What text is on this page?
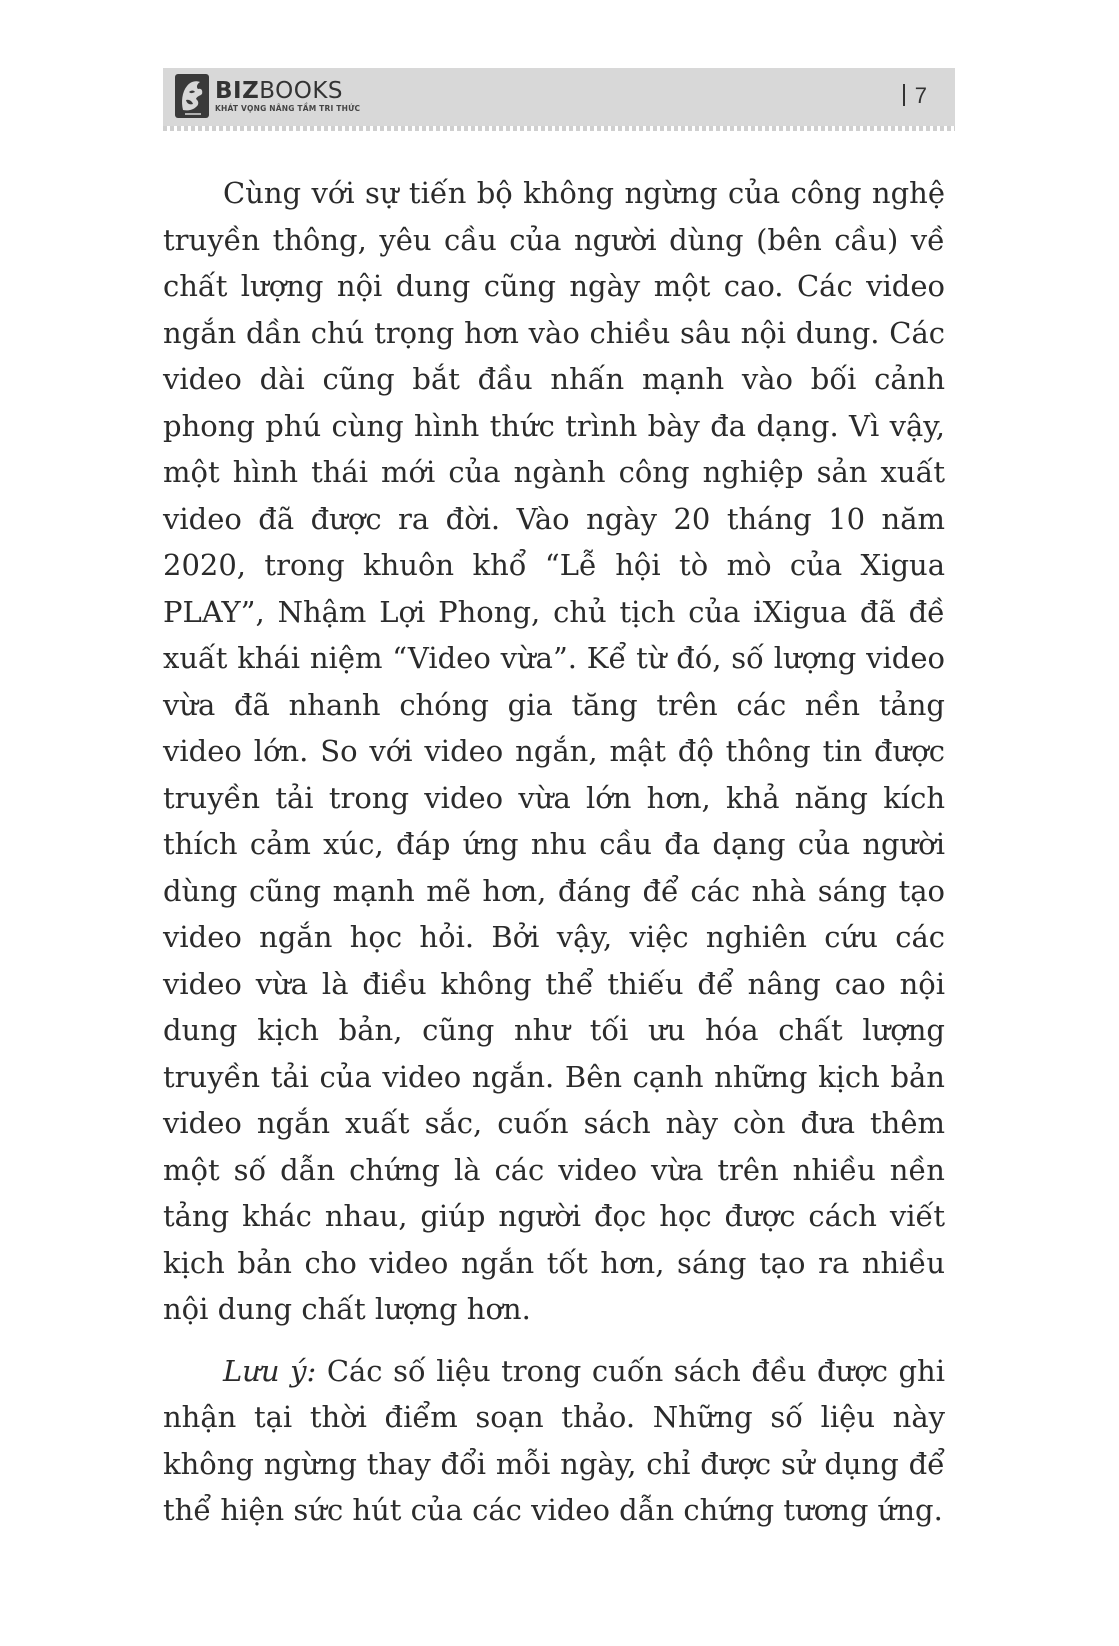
BIZBOOKS
KHÁT VỌNG NÂNG TẦM TRI THỨC
7

Cùng với sự tiến bộ không ngừng của công nghệ truyền thông, yêu cầu của người dùng (bên cầu) về chất lượng nội dung cũng ngày một cao. Các video ngắn dần chú trọng hơn vào chiều sâu nội dung. Các video dài cũng bắt đầu nhấn mạnh vào bối cảnh phong phú cùng hình thức trình bày đa dạng. Vì vậy, một hình thái mới của ngành công nghiệp sản xuất video đã được ra đời. Vào ngày 20 tháng 10 năm 2020, trong khuôn khổ “Lễ hội tò mò của Xigua PLAY”, Nhậm Lợi Phong, chủ tịch của iXigua đã đề xuất khái niệm “Video vừa”. Kể từ đó, số lượng video vừa đã nhanh chóng gia tăng trên các nền tảng video lớn. So với video ngắn, mật độ thông tin được truyền tải trong video vừa lớn hơn, khả năng kích thích cảm xúc, đáp ứng nhu cầu đa dạng của người dùng cũng mạnh mẽ hơn, đáng để các nhà sáng tạo video ngắn học hỏi. Bởi vậy, việc nghiên cứu các video vừa là điều không thể thiếu để nâng cao nội dung kịch bản, cũng như tối ưu hóa chất lượng truyền tải của video ngắn. Bên cạnh những kịch bản video ngắn xuất sắc, cuốn sách này còn đưa thêm một số dẫn chứng là các video vừa trên nhiều nền tảng khác nhau, giúp người đọc học được cách viết kịch bản cho video ngắn tốt hơn, sáng tạo ra nhiều nội dung chất lượng hơn.

Lưu ý: Các số liệu trong cuốn sách đều được ghi nhận tại thời điểm soạn thảo. Những số liệu này không ngừng thay đổi mỗi ngày, chỉ được sử dụng để thể hiện sức hút của các video dẫn chứng tương ứng.
